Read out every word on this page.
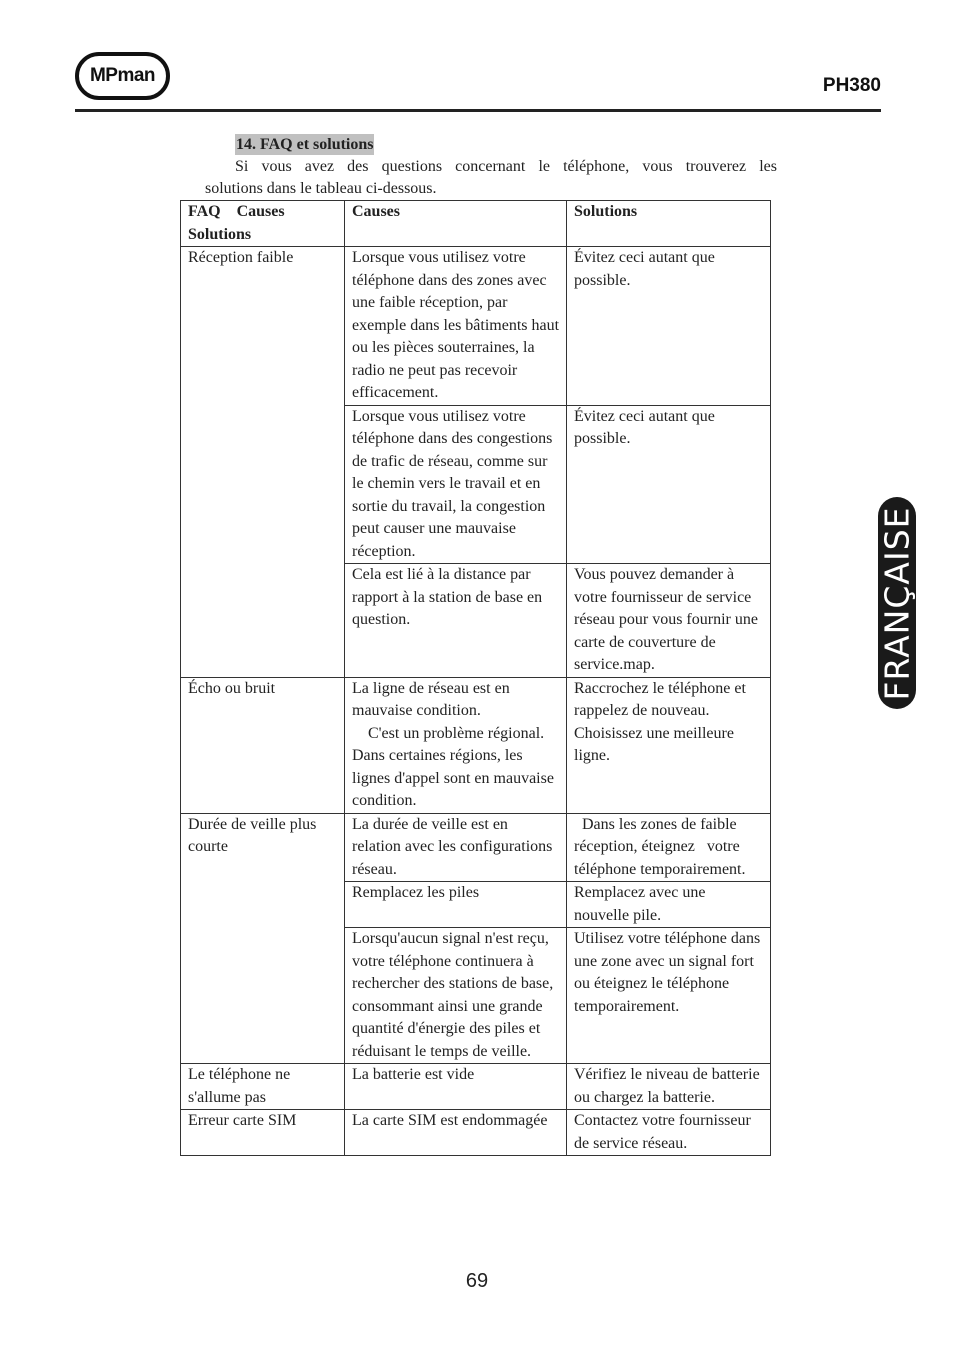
MPman	PH380
14. FAQ et solutions
Si vous avez des questions concernant le téléphone, vous trouverez les
solutions dans le tableau ci-dessous.
FAQ    Causes
Solutions	Causes	Solutions

Réception faible	Lorsque vous utilisez votre téléphone dans des zones avec une faible réception, par exemple dans les bâtiments haut ou les pièces souterraines, la radio ne peut pas recevoir efficacement.	Évitez ceci autant que possible.

	Lorsque vous utilisez votre téléphone dans des congestions de trafic de réseau, comme sur le chemin vers le travail et en sortie du travail, la congestion peut causer une mauvaise réception.	Évitez ceci autant que possible.

	Cela est lié à la distance par rapport à la station de base en question.	Vous pouvez demander à votre fournisseur de service réseau pour vous fournir une carte de couverture de service.map.

Écho ou bruit	La ligne de réseau est en mauvaise condition.
C'est un problème régional.
Dans certaines régions, les lignes d'appel sont en mauvaise condition.	Raccrochez le téléphone et rappelez de nouveau. Choisissez une meilleure ligne.

Durée de veille plus courte	La durée de veille est en relation avec les configurations réseau.	Dans les zones de faible réception, éteignez   votre téléphone temporairement.

	Remplacez les piles	Remplacez avec une nouvelle pile.

	Lorsqu'aucun signal n'est reçu, votre téléphone continuera à rechercher des stations de base, consommant ainsi une grande quantité d'énergie des piles et réduisant le temps de veille.	Utilisez votre téléphone dans une zone avec un signal fort ou éteignez le téléphone temporairement.

Le téléphone ne s'allume pas	La batterie est vide	Vérifiez le niveau de batterie ou chargez la batterie.

Erreur carte SIM	La carte SIM est endommagée	Contactez votre fournisseur de service réseau.
69
FRANÇAISE
